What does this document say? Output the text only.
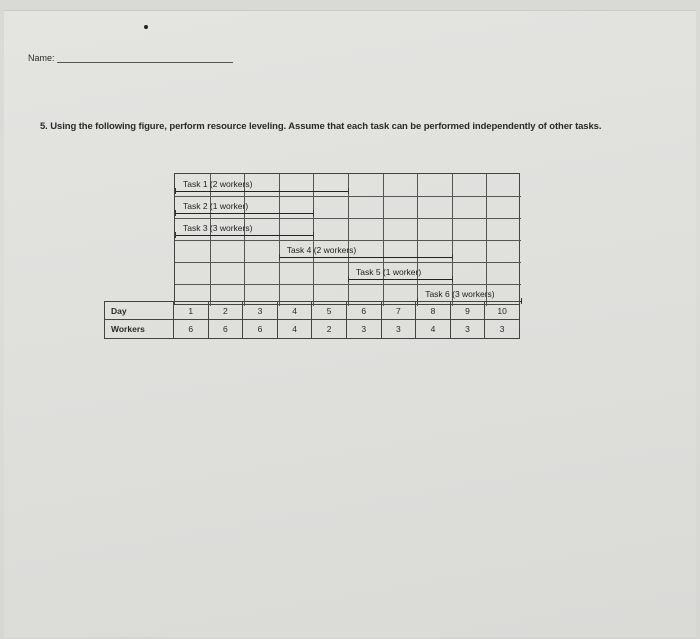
Name:
5. Using the following figure, perform resource leveling. Assume that each task can be performed independently of other tasks.
Task 1 (2 workers)
Task 2 (1 worker)
Task 3 (3 workers)
Task 4 (2 workers)
Task 5 (1 worker)
Task 6 (3 workers)
Day	1	2	3	4	5	6	7	8	9	10
Workers	6	6	6	4	2	3	3	4	3	3
